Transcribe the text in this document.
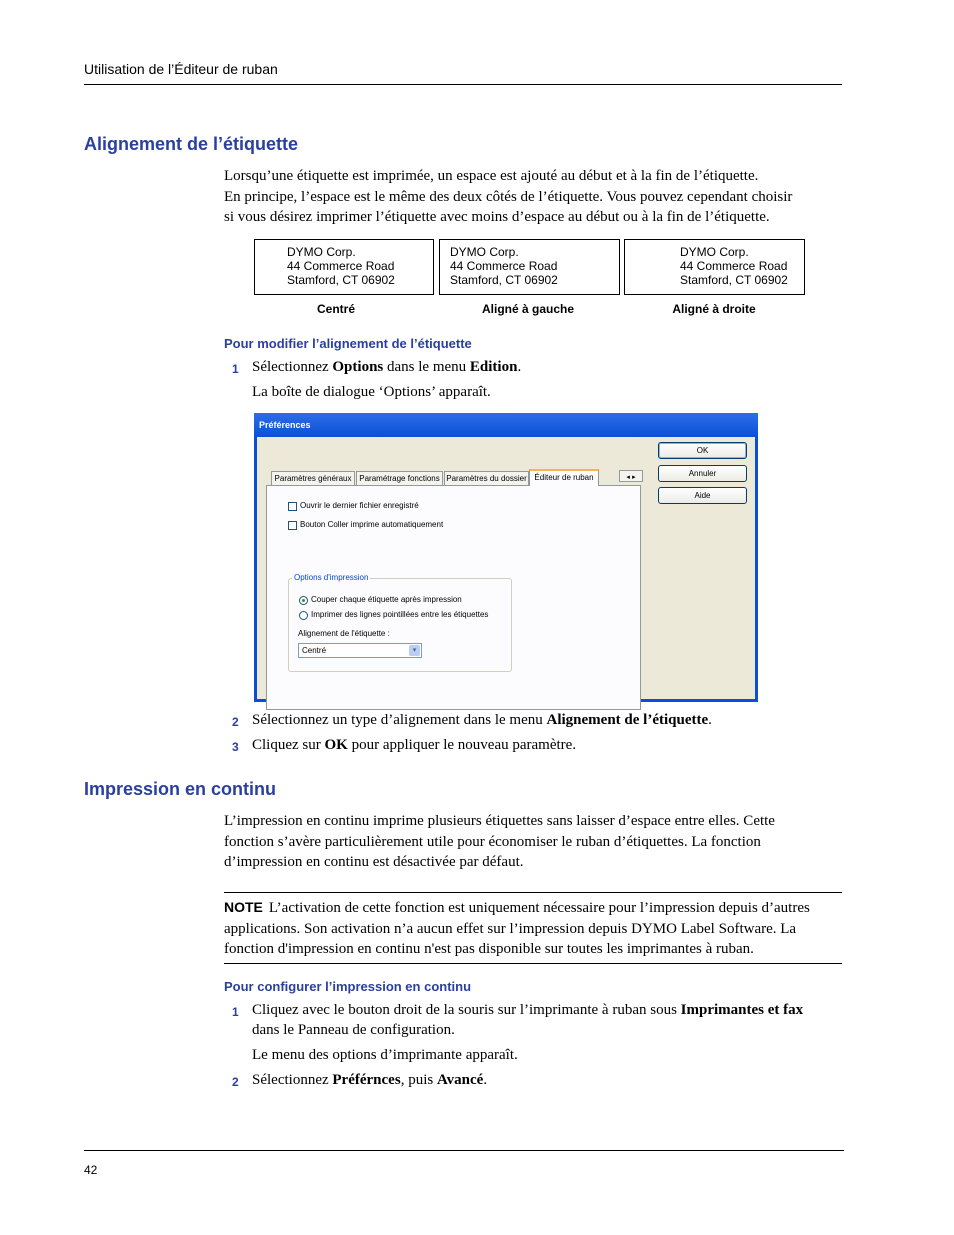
Utilisation de l’Éditeur de ruban
Alignement de l’étiquette
Lorsqu’une étiquette est imprimée, un espace est ajouté au début et à la fin de l’étiquette.
En principe, l’espace est le même des deux côtés de l’étiquette. Vous pouvez cependant choisir
si vous désirez imprimer l’étiquette avec moins d’espace au début ou à la fin de l’étiquette.
DYMO Corp.
44 Commerce Road
Stamford, CT 06902
DYMO Corp.
44 Commerce Road
Stamford, CT 06902
DYMO Corp.
44 Commerce Road
Stamford, CT 06902
Centré	Aligné à gauche	Aligné à droite
Pour modifier l’alignement de l’étiquette
1 Sélectionnez Options dans le menu Edition.
La boîte de dialogue ‘Options’ apparaît.
Préférences
Paramètres généraux Paramétrage fonctions Paramètres du dossier Éditeur de ruban	◂ ▸
Ouvrir le dernier fichier enregistré
Bouton Coller imprime automatiquement
Options d'impression
Couper chaque étiquette après impression
Imprimer des lignes pointillées entre les étiquettes
Alignement de l'étiquette :
Centré	▾
OK
Annuler
Aide
2 Sélectionnez un type d’alignement dans le menu Alignement de l’étiquette.
3 Cliquez sur OK pour appliquer le nouveau paramètre.
Impression en continu
L’impression en continu imprime plusieurs étiquettes sans laisser d’espace entre elles. Cette
fonction s’avère particulièrement utile pour économiser le ruban d’étiquettes. La fonction
d’impression en continu est désactivée par défaut.
NOTE L’activation de cette fonction est uniquement nécessaire pour l’impression depuis d’autres
applications. Son activation n’a aucun effet sur l’impression depuis DYMO Label Software. La
fonction d'impression en continu n'est pas disponible sur toutes les imprimantes à ruban.
Pour configurer l’impression en continu
1 Cliquez avec le bouton droit de la souris sur l’imprimante à ruban sous Imprimantes et fax
dans le Panneau de configuration.
Le menu des options d’imprimante apparaît.
2 Sélectionnez Préférnces, puis Avancé.
42
